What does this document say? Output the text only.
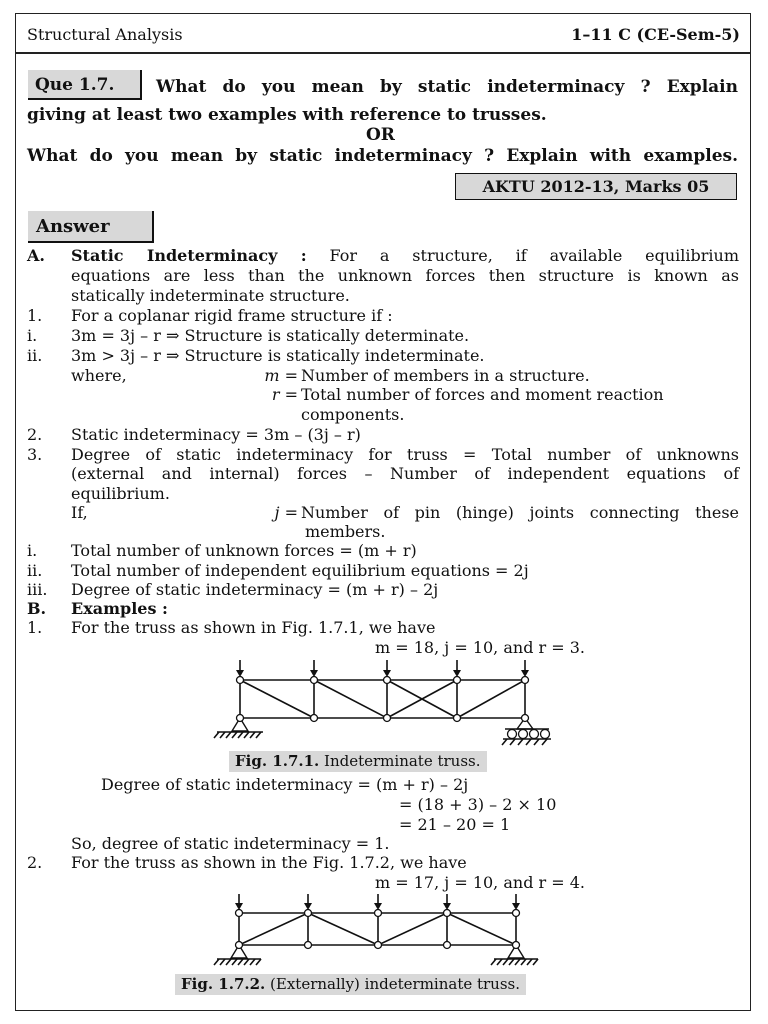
Structural Analysis	1–11 C (CE-Sem-5)
Que 1.7.	What do you mean by static indeterminacy ? Explain
giving at least two examples with reference to trusses.
OR
What do you mean by static indeterminacy ? Explain with examples.
AKTU 2012-13, Marks 05
Answer
A. Static Indeterminacy : For a structure, if available equilibrium
equations are less than the unknown forces then structure is known as
statically indeterminate structure.
1. For a coplanar rigid frame structure if :
i. 3m = 3j – r ⇒ Structure is statically determinate.
ii. 3m > 3j – r ⇒ Structure is statically indeterminate.
where,	m = Number of members in a structure.
r = Total number of forces and moment reaction
components.
2. Static indeterminacy = 3m – (3j – r)
3. Degree of static indeterminacy for truss = Total number of unknowns
(external and internal) forces – Number of independent equations of
equilibrium.
If,	j = Number of pin (hinge) joints connecting these
members.
i. Total number of unknown forces = (m + r)
ii. Total number of independent equilibrium equations = 2j
iii. Degree of static indeterminacy = (m + r) – 2j
B. Examples :
1. For the truss as shown in Fig. 1.7.1, we have
m = 18, j = 10, and r = 3.
Fig. 1.7.1. Indeterminate truss.
Degree of static indeterminacy = (m + r) – 2j
= (18 + 3) – 2 × 10
= 21 – 20 = 1
So, degree of static indeterminacy = 1.
2. For the truss as shown in the Fig. 1.7.2, we have
m = 17, j = 10, and r = 4.
Fig. 1.7.2. (Externally) indeterminate truss.
